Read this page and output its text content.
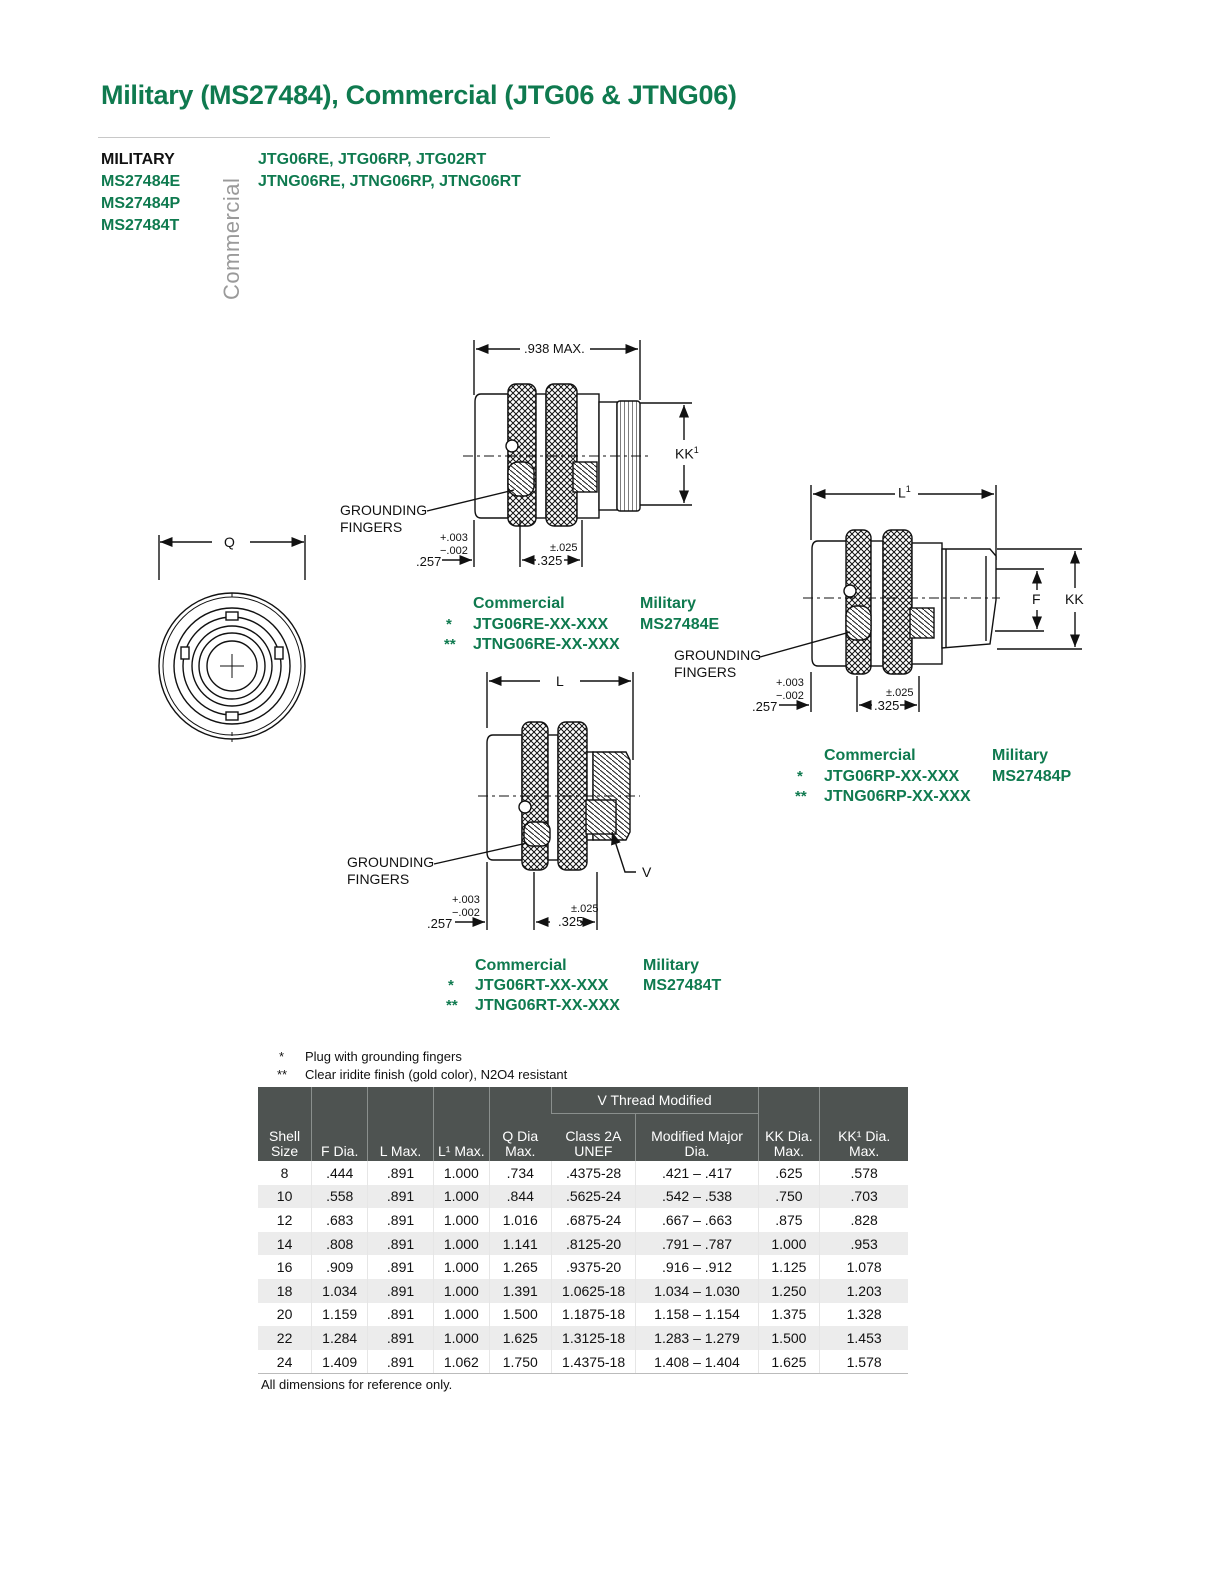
Military (MS27484), Commercial (JTG06 & JTNG06)
MILITARY
MS27484E
MS27484P
MS27484T Commercial
JTG06RE, JTG06RP, JTG02RT
JTNG06RE, JTNG06RP, JTNG06RT
Q
.938 MAX.
$KK^1$
GROUNDING
FINGERS
+.003
−.002
.257
±.025
.325
Commercial	Military
* JTG06RE-XX-XXX MS27484E
** JTNG06RE-XX-XXX
$L^1$
F KK
GROUNDING
FINGERS
+.003
−.002
.257
±.025
.325
Commercial	Military
* JTG06RP-XX-XXX MS27484P
** JTNG06RP-XX-XXX
L
V
GROUNDING
FINGERS
+.003
−.002
.257
±.025
.325
Commercial	Military
* JTG06RT-XX-XXX MS27484T
** JTNG06RT-XX-XXX
* Plug with grounding fingers
** Clear iridite finish (gold color), N2O4 resistant
Shell Size	F Dia.	L Max.	L¹ Max.	Q Dia Max.	V Thread Modified		KK Dia. Max.	KK¹ Dia. Max.
					Class 2A UNEF	Modified Major Dia.		
8	.444	.891	1.000	.734	.4375-28	.421 – .417	.625	.578
10	.558	.891	1.000	.844	.5625-24	.542 – .538	.750	.703
12	.683	.891	1.000	1.016	.6875-24	.667 – .663	.875	.828
14	.808	.891	1.000	1.141	.8125-20	.791 – .787	1.000	.953
16	.909	.891	1.000	1.265	.9375-20	.916 – .912	1.125	1.078
18	1.034	.891	1.000	1.391	1.0625-18	1.034 – 1.030	1.250	1.203
20	1.159	.891	1.000	1.500	1.1875-18	1.158 – 1.154	1.375	1.328
22	1.284	.891	1.000	1.625	1.3125-18	1.283 – 1.279	1.500	1.453
24	1.409	.891	1.062	1.750	1.4375-18	1.408 – 1.404	1.625	1.578
All dimensions for reference only.
